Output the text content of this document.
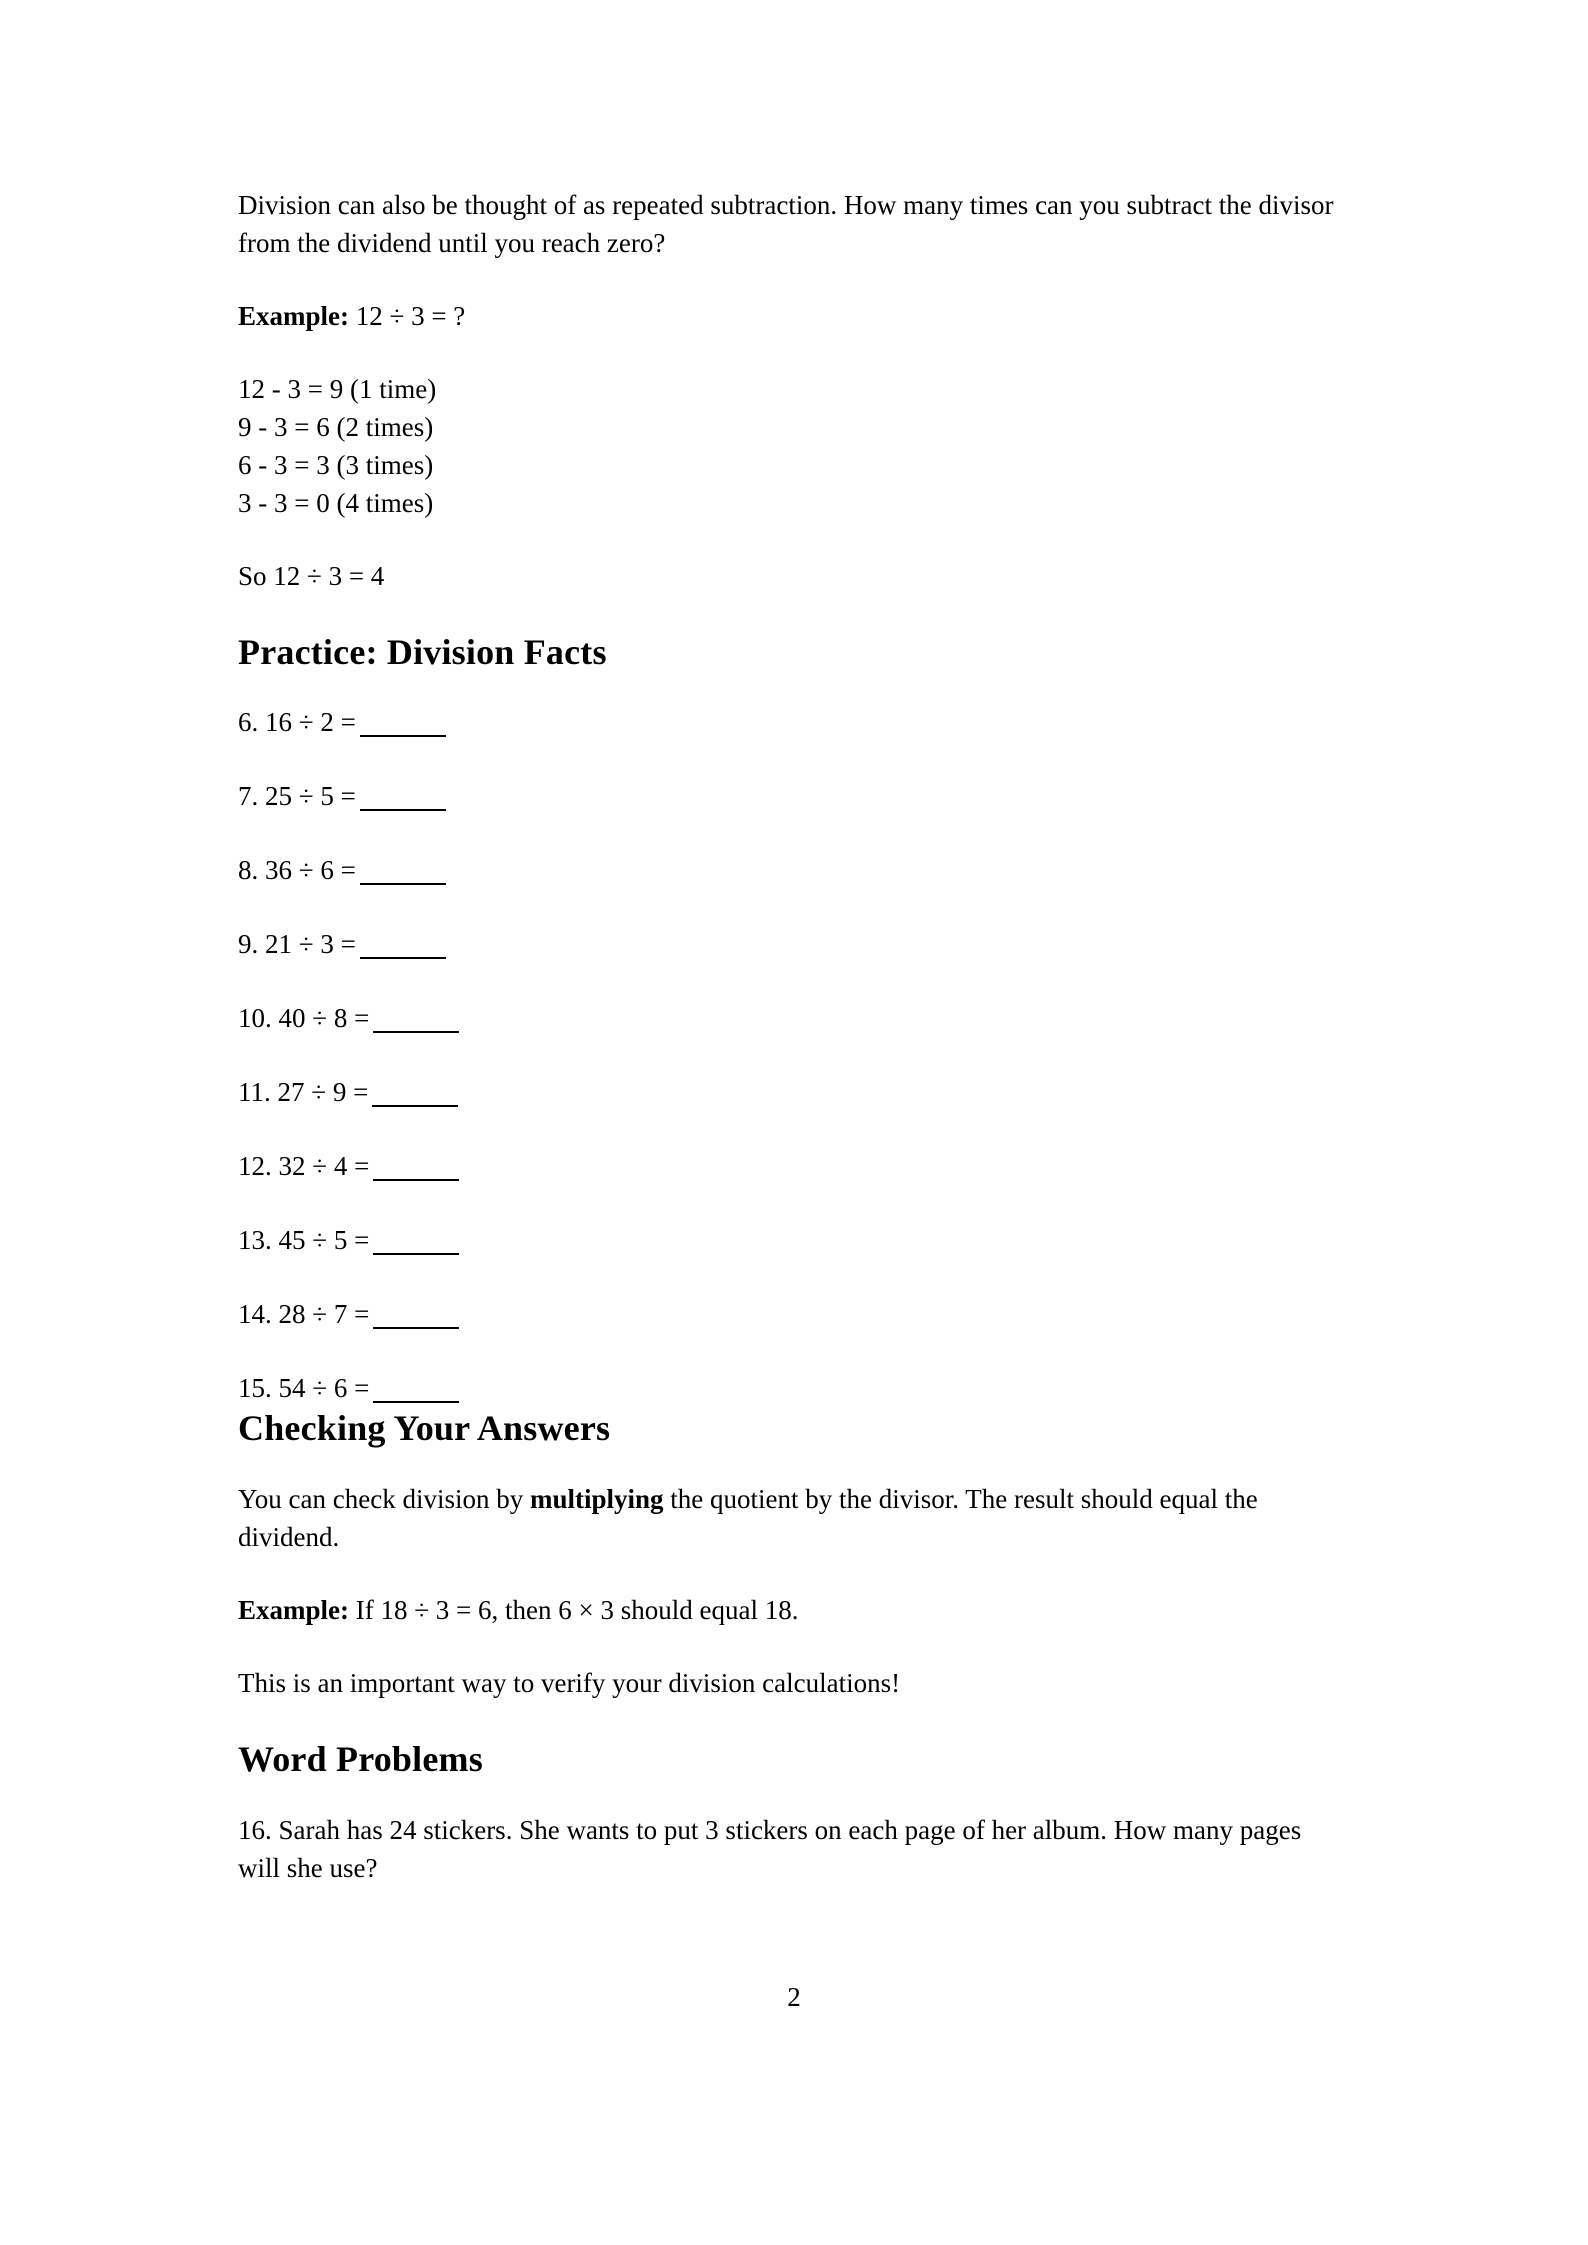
Division can also be thought of as repeated subtraction. How many times can you subtract the divisor from the dividend until you reach zero?

Example: 12 ÷ 3 = ?

12 - 3 = 9 (1 time)
9 - 3 = 6 (2 times)
6 - 3 = 3 (3 times)
3 - 3 = 0 (4 times)

So 12 ÷ 3 = 4

Practice: Division Facts
6. 16 ÷ 2 =
7. 25 ÷ 5 =
8. 36 ÷ 6 =
9. 21 ÷ 3 =
10. 40 ÷ 8 =
11. 27 ÷ 9 =
12. 32 ÷ 4 =
13. 45 ÷ 5 =
14. 28 ÷ 7 =
15. 54 ÷ 6 =
Checking Your Answers

You can check division by multiplying the quotient by the divisor. The result should equal the dividend.

Example: If 18 ÷ 3 = 6, then 6 × 3 should equal 18.

This is an important way to verify your division calculations!

Word Problems

16. Sarah has 24 stickers. She wants to put 3 stickers on each page of her album. How many pages will she use?

2
